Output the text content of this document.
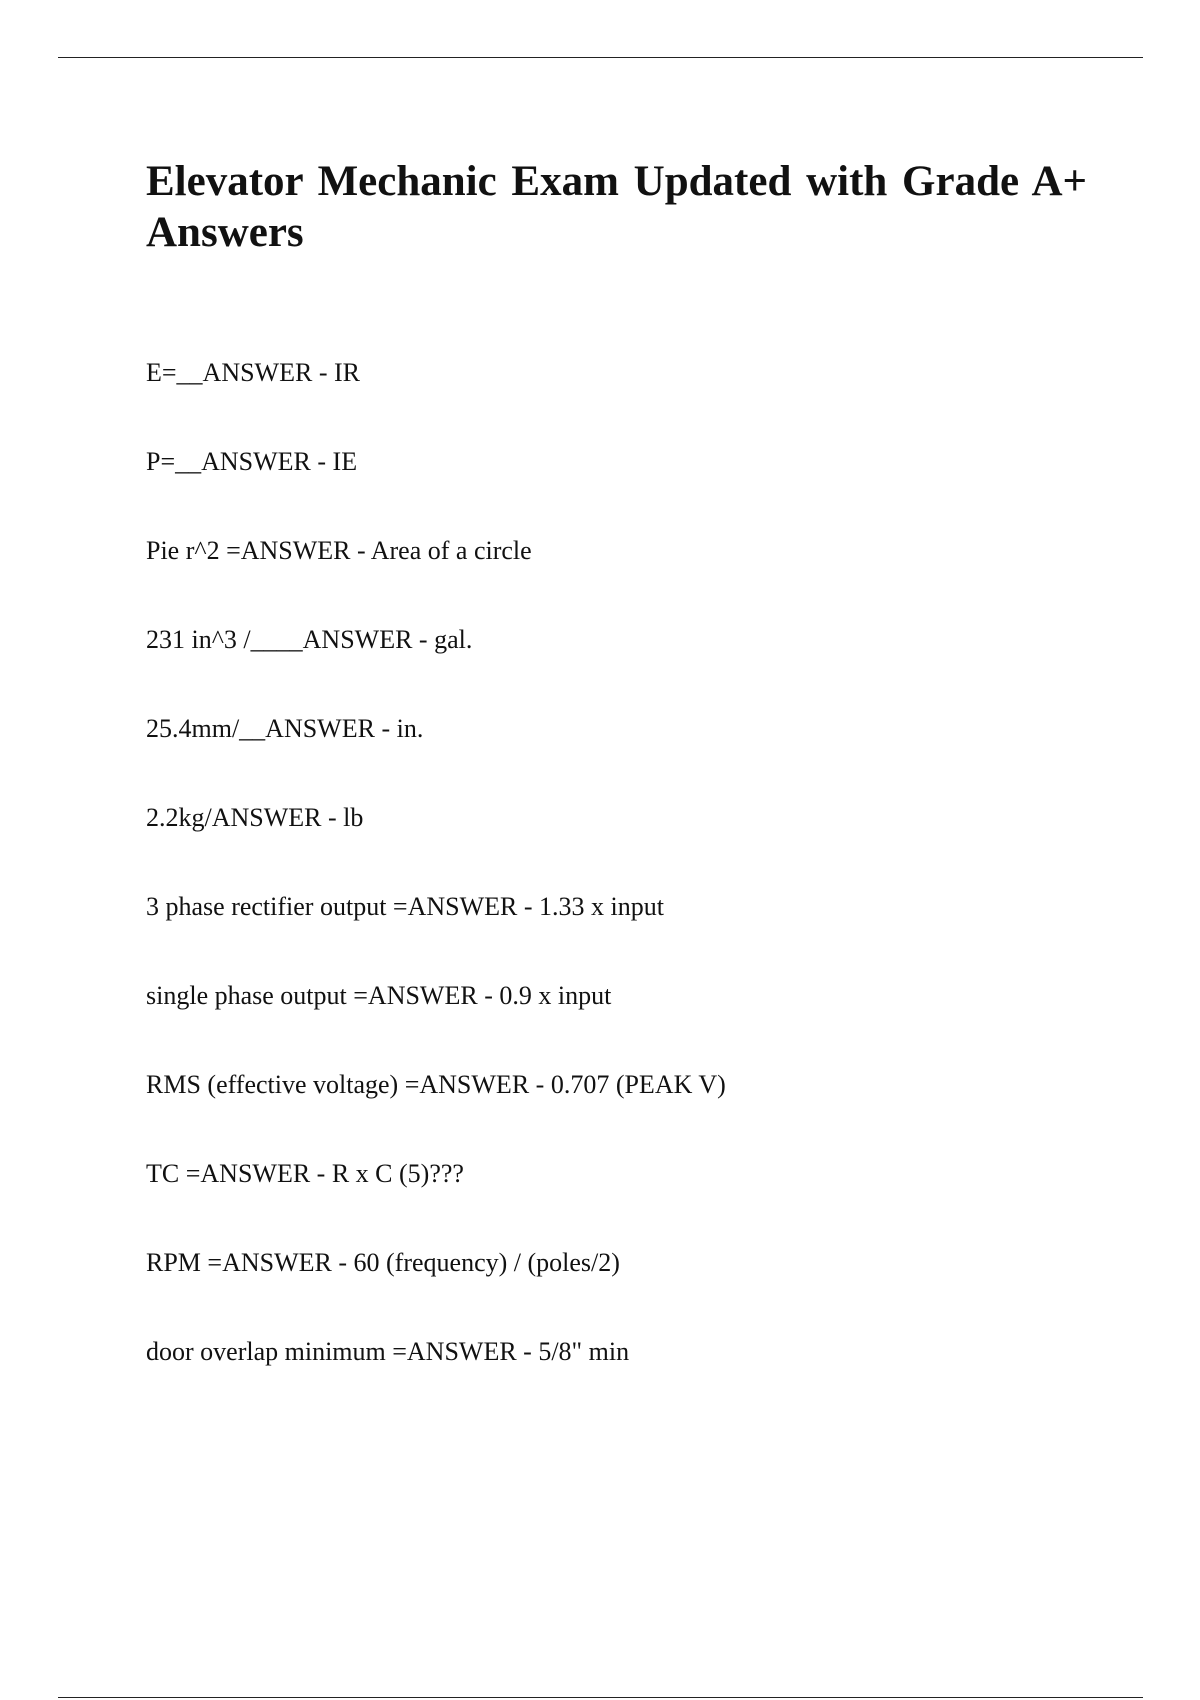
Elevator Mechanic Exam Updated with Grade A+ Answers
E=__ANSWER - IR
P=__ANSWER - IE
Pie r^2 =ANSWER - Area of a circle
231 in^3 /____ANSWER - gal.
25.4mm/__ANSWER - in.
2.2kg/ANSWER - lb
3 phase rectifier output =ANSWER - 1.33 x input
single phase output =ANSWER - 0.9 x input
RMS (effective voltage) =ANSWER - 0.707 (PEAK V)
TC =ANSWER - R x C (5)???
RPM =ANSWER - 60 (frequency) / (poles/2)
door overlap minimum =ANSWER - 5/8" min
